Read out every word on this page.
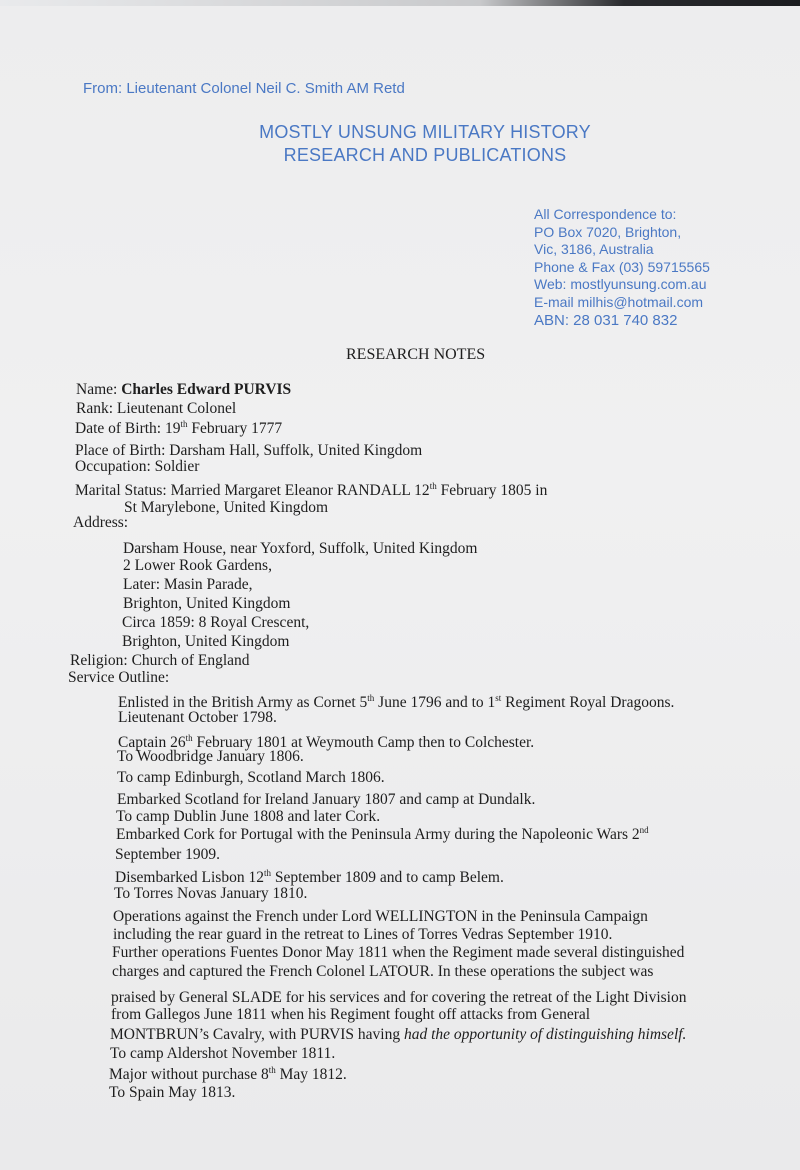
From: Lieutenant Colonel Neil C. Smith AM Retd
MOSTLY UNSUNG MILITARY HISTORY
RESEARCH AND PUBLICATIONS
All Correspondence to:
PO Box 7020, Brighton,
Vic, 3186, Australia
Phone & Fax (03) 59715565
Web: mostlyunsung.com.au
E-mail milhis@hotmail.com
ABN: 28 031 740 832
RESEARCH NOTES
Name: Charles Edward PURVIS
Rank: Lieutenant Colonel
Date of Birth: 19th February 1777
Place of Birth: Darsham Hall, Suffolk, United Kingdom
Occupation: Soldier
Marital Status: Married Margaret Eleanor RANDALL 12th February 1805 in
St Marylebone, United Kingdom
Address:
Darsham House, near Yoxford, Suffolk, United Kingdom
2 Lower Rook Gardens,
Later: Masin Parade,
Brighton, United Kingdom
Circa 1859: 8 Royal Crescent,
Brighton, United Kingdom
Religion: Church of England
Service Outline:
Enlisted in the British Army as Cornet 5th June 1796 and to 1st Regiment Royal Dragoons.
Lieutenant October 1798.
Captain 26th February 1801 at Weymouth Camp then to Colchester.
To Woodbridge January 1806.
To camp Edinburgh, Scotland March 1806.
Embarked Scotland for Ireland January 1807 and camp at Dundalk.
To camp Dublin June 1808 and later Cork.
Embarked Cork for Portugal with the Peninsula Army during the Napoleonic Wars 2nd
September 1909.
Disembarked Lisbon 12th September 1809 and to camp Belem.
To Torres Novas January 1810.
Operations against the French under Lord WELLINGTON in the Peninsula Campaign
including the rear guard in the retreat to Lines of Torres Vedras September 1910.
Further operations Fuentes Donor May 1811 when the Regiment made several distinguished
charges and captured the French Colonel LATOUR. In these operations the subject was
praised by General SLADE for his services and for covering the retreat of the Light Division
from Gallegos June 1811 when his Regiment fought off attacks from General
MONTBRUN’s Cavalry, with PURVIS having had the opportunity of distinguishing himself.
To camp Aldershot November 1811.
Major without purchase 8th May 1812.
To Spain May 1813.
